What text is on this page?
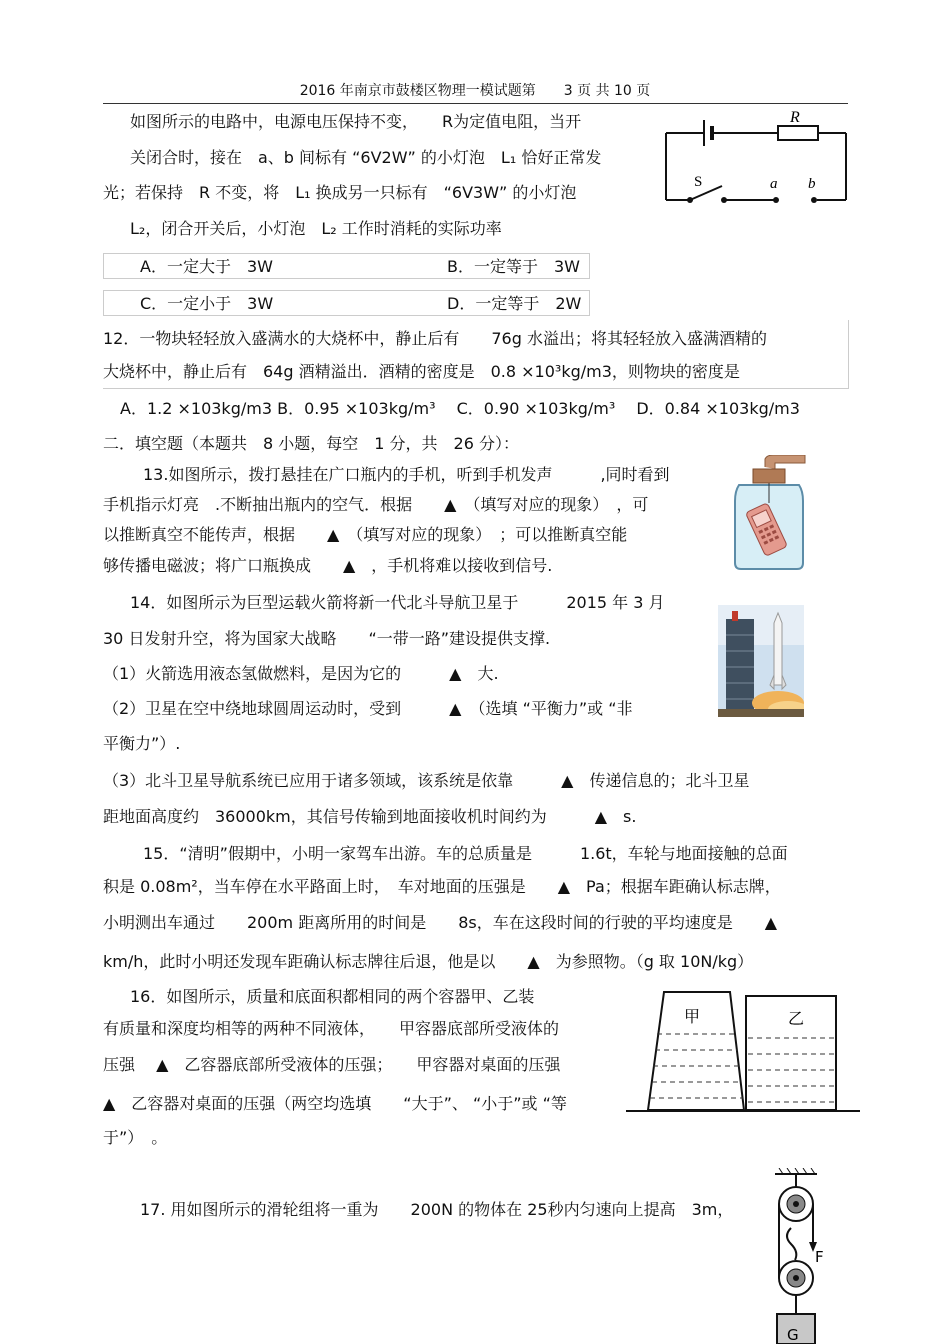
2016 年南京市鼓楼区物理一模试题第　　3 页 共 10 页
如图所示的电路中，电源电压保持不变，　　R为定值电阻，当开
关闭合时，接在　a、b 间标有 “6V2W” 的小灯泡　L₁ 恰好正常发
光；若保持　R 不变，将　L₁ 换成另一只标有　“6V3W” 的小灯泡
L₂，闭合开关后，小灯泡　L₂ 工作时消耗的实际功率
A．一定大于　3W	B．一定等于　3W
C．一定小于　3W	D．一定等于　2W
12．一物块轻轻放入盛满水的大烧杯中，静止后有　　76g 水溢出；将其轻轻放入盛满酒精的
大烧杯中，静止后有　64g 酒精溢出．酒精的密度是　0.8 ×10³kg/m3，则物块的密度是
A．1.2 ×103kg/m3 B．0.95 ×103kg/m³　 C．0.90 ×103kg/m³　 D．0.84 ×103kg/m3
二．填空题（本题共　8 小题，每空　1 分，共　26 分）：
13.如图所示，拨打悬挂在广口瓶内的手机，听到手机发声　　　,同时看到
手机指示灯亮　.不断抽出瓶内的空气．根据　　▲　（填写对应的现象）　，可
以推断真空不能传声，根据　　▲　（填写对应的现象）　；可以推断真空能
够传播电磁波；将广口瓶换成　　▲　，手机将难以接收到信号.
14．如图所示为巨型运载火箭将新一代北斗导航卫星于　　　2015 年 3 月
30 日发射升空，将为国家大战略　　“一带一路”建设提供支撑.
（1）火箭选用液态氢做燃料，是因为它的　　　▲　大.
（2）卫星在空中绕地球圆周运动时，受到　　　▲　（选填 “平衡力”或 “非
平衡力”）.
（3）北斗卫星导航系统已应用于诸多领域，该系统是依靠　　　▲　传递信息的；北斗卫星
距地面高度约　36000km，其信号传输到地面接收机时间约为　　　▲　s.
15．“清明”假期中，小明一家驾车出游。车的总质量是　　　1.6t，车轮与地面接触的总面
积是 0.08m²，当车停在水平路面上时，　车对地面的压强是　　▲　Pa；根据车距确认标志牌，
小明测出车通过　　200m 距离所用的时间是　　8s，车在这段时间的行驶的平均速度是　　▲
km/h，此时小明还发现车距确认标志牌往后退，他是以　　▲　为参照物。（g 取 10N/kg）
16．如图所示，质量和底面积都相同的两个容器甲、乙装
有质量和深度均相等的两种不同液体，　　甲容器底部所受液体的
压强 　▲　乙容器底部所受液体的压强；　　甲容器对桌面的压强
▲　乙容器对桌面的压强（两空均选填　　“大于”、 “小于”或 “等
于”）　。
17. 用如图所示的滑轮组将一重为　　200N 的物体在 25秒内匀速向上提高　3m，
R
S	a b
甲	乙
F
G
